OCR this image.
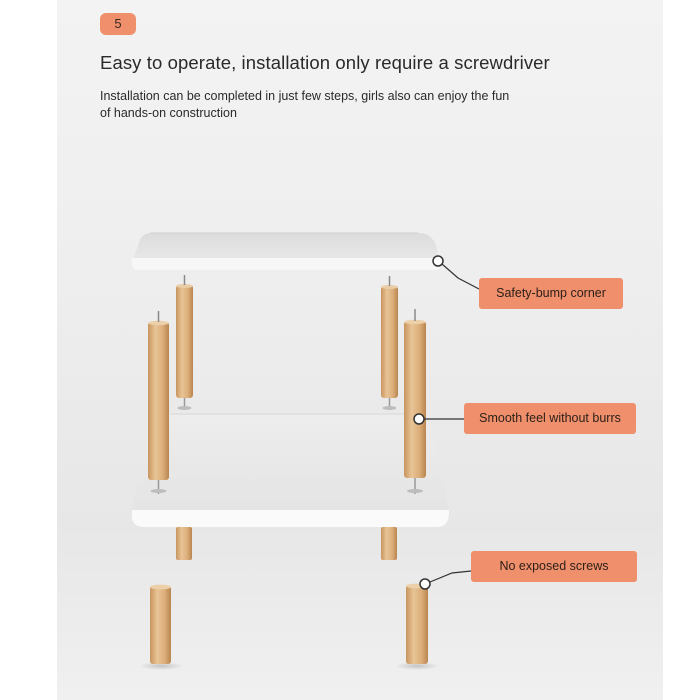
5
Easy to operate, installation only require a screwdriver
Installation can be completed in just few steps, girls also can enjoy the fun of hands-on construction
Safety-bump corner
Smooth feel without burrs
No exposed screws
